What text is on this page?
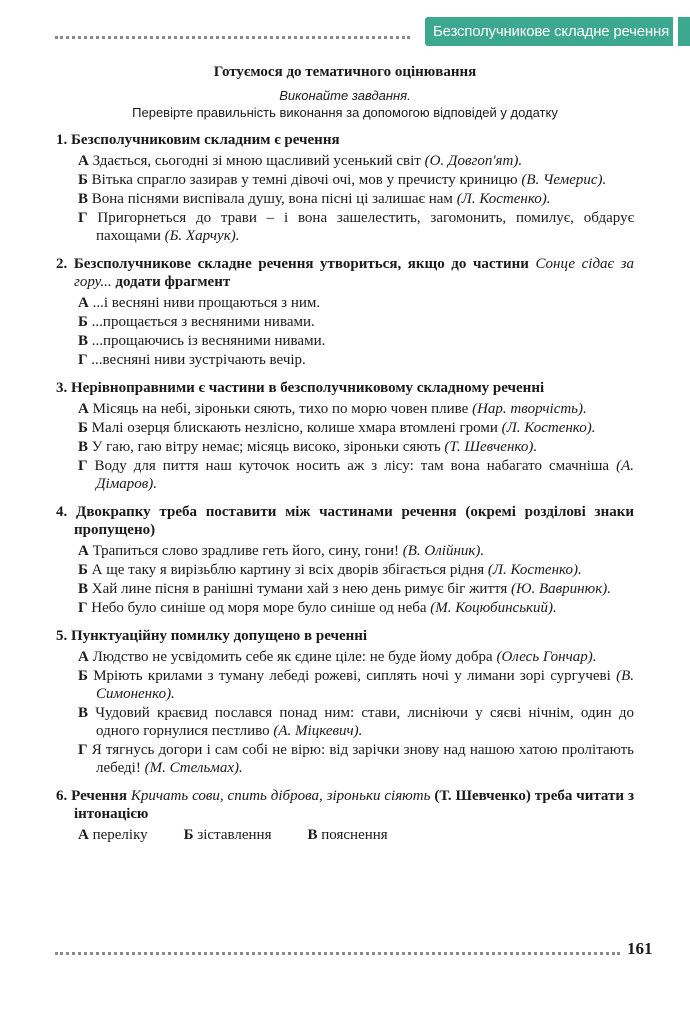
Безсполучникове складне речення
Готуємося до тематичного оцінювання
Виконайте завдання.
Перевірте правильність виконання за допомогою відповідей у додатку
1. Безсполучниковим складним є речення
А Здається, сьогодні зі мною щасливий усенький світ (О. Довгоп'ят).
Б Вітька спрагло зазирав у темні дівочі очі, мов у пречисту криницю (В. Чемерис).
В Вона піснями виспівала душу, вона пісні ці залишає нам (Л. Костенко).
Г Пригорнеться до трави – і вона зашелестить, загомонить, помилує, обдарує пахощами (Б. Харчук).
2. Безсполучникове складне речення утвориться, якщо до частини Сонце сідає за гору... додати фрагмент
А ...і весняні ниви прощаються з ним.
Б ...прощається з весняними нивами.
В ...прощаючись із весняними нивами.
Г ...весняні ниви зустрічають вечір.
3. Нерівноправними є частини в безсполучниковому складному реченні
А Місяць на небі, зіроньки сяють, тихо по морю човен пливе (Нар. творчість).
Б Малі озерця блискають незлісно, колише хмара втомлені громи (Л. Костенко).
В У гаю, гаю вітру немає; місяць високо, зіроньки сяють (Т. Шевченко).
Г Воду для пиття наш куточок носить аж з лісу: там вона набагато смачніша (А. Дімаров).
4. Двокрапку треба поставити між частинами речення (окремі розділові знаки пропущено)
А Трапиться слово зрадливе геть його, сину, гони! (В. Олійник).
Б А ще таку я вирізьблю картину зі всіх дворів збігається рідня (Л. Костенко).
В Хай лине пісня в ранішні тумани хай з нею день римує біг життя (Ю. Вавринюк).
Г Небо було синіше од моря море було синіше од неба (М. Коцюбинський).
5. Пунктуаційну помилку допущено в реченні
А Людство не усвідомить себе як єдине ціле: не буде йому добра (Олесь Гончар).
Б Мріють крилами з туману лебеді рожеві, сиплять ночі у лимани зорі сургучеві (В. Симоненко).
В Чудовий краєвид послався понад ним: стави, лисніючи у сяєві нічнім, один до одного горнулися пестливо (А. Міцкевич).
Г Я тягнусь догори і сам собі не вірю: від зарічки знову над нашою хатою пролітають лебеді! (М. Стельмах).
6. Речення Кричать сови, спить діброва, зіроньки сіяють (Т. Шевченко) треба читати з інтонацією
А переліку Б зіставлення В пояснення
161
